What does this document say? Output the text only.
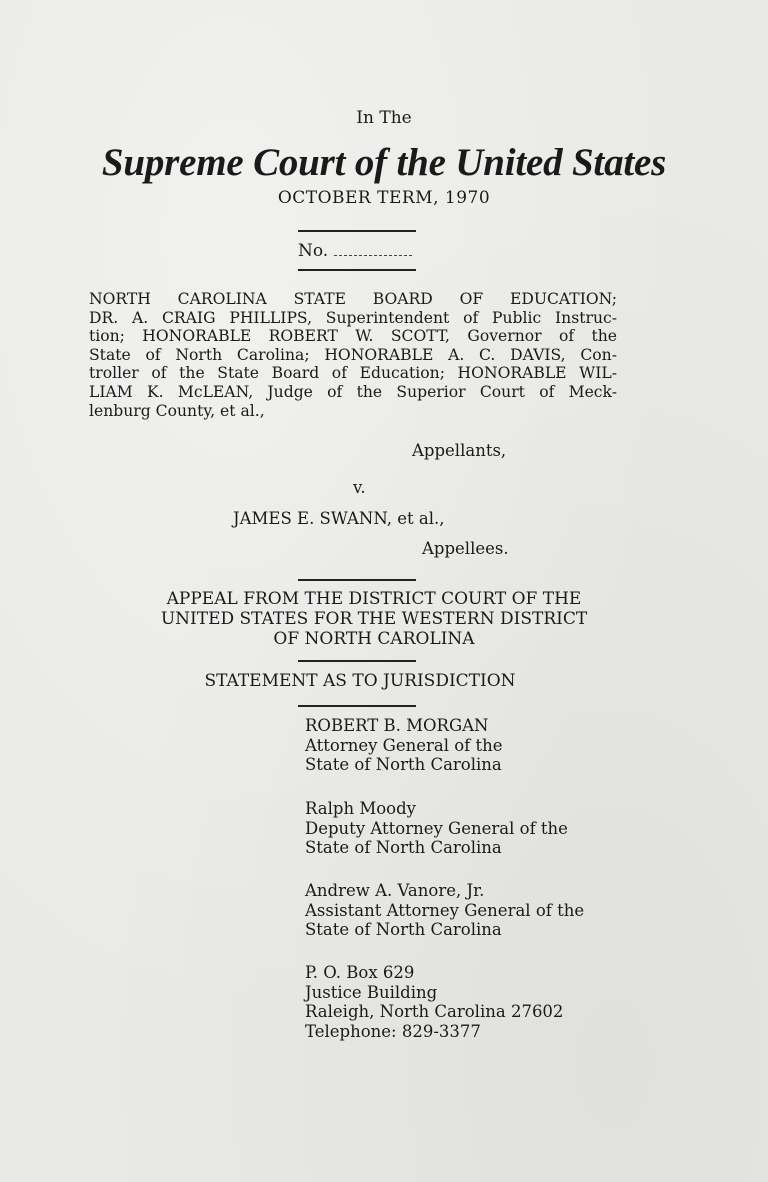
In The
Supreme Court of the United States
OCTOBER TERM, 1970
No.
NORTH CAROLINA STATE BOARD OF EDUCATION;
DR. A. CRAIG PHILLIPS, Superintendent of Public Instruc-
tion; HONORABLE ROBERT W. SCOTT, Governor of the
State of North Carolina; HONORABLE A. C. DAVIS, Con-
troller of the State Board of Education; HONORABLE WIL-
LIAM K. McLEAN, Judge of the Superior Court of Meck-
lenburg County, et al.,
Appellants,
v.
JAMES E. SWANN, et al.,
Appellees.
APPEAL FROM THE DISTRICT COURT OF THE
UNITED STATES FOR THE WESTERN DISTRICT
OF NORTH CAROLINA
STATEMENT AS TO JURISDICTION
ROBERT B. MORGAN
Attorney General of the
State of North Carolina
Ralph Moody
Deputy Attorney General of the
State of North Carolina
Andrew A. Vanore, Jr.
Assistant Attorney General of the
State of North Carolina
P. O. Box 629
Justice Building
Raleigh, North Carolina 27602
Telephone: 829-3377
